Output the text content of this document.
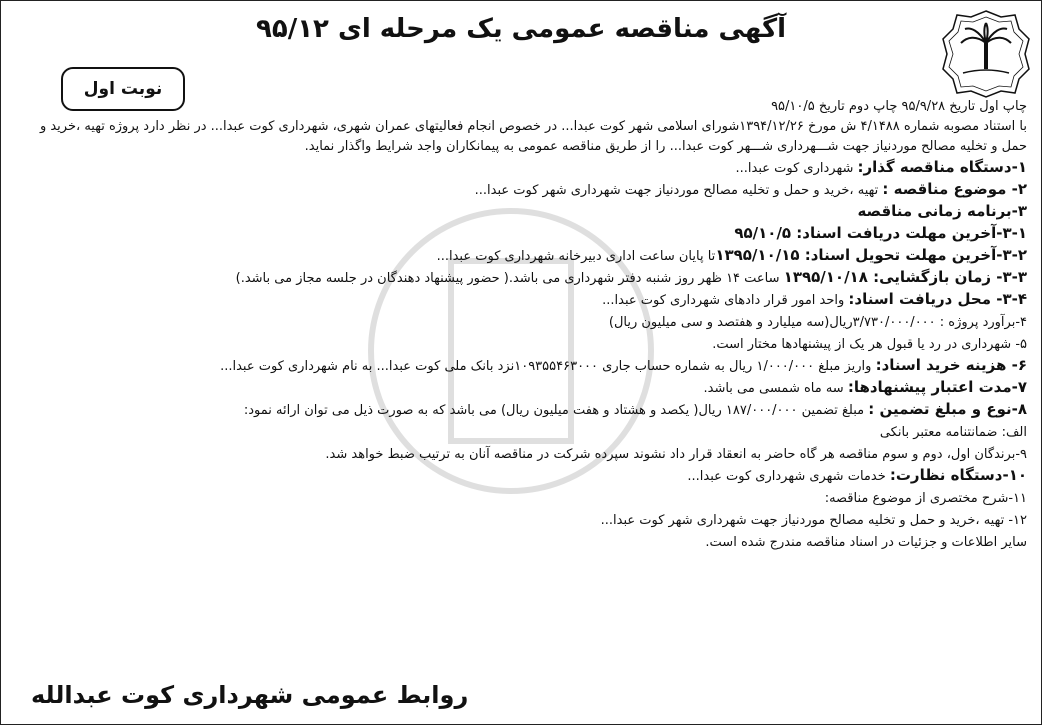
آگهی مناقصه عمومی یک مرحله ای ۹۵/۱۲
نوبت اول

چاپ اول تاریخ ۹۵/۹/۲۸ چاپ دوم تاریخ ۹۵/۱۰/۵

با استناد مصوبه شماره ۴/۱۴۸۸ ش مورخ ۱۳۹۴/۱۲/۲۶شورای اسلامی شهر کوت عبدا... در خصوص انجام فعالیتهای عمران شهری، شهرداری کوت عبدا... در نظر دارد پروژه تهیه ،خرید و حمل و تخلیه مصالح موردنیاز جهت شـــهرداری شـــهر کوت عبدا... را از طریق مناقصه عمومی به پیمانکاران واجد شرایط واگذار نماید.

۱-دستگاه مناقصه گذار: شهرداری کوت عبدا...

۲- موضوع مناقصه : تهیه ،خرید و حمل و تخلیه مصالح موردنیاز جهت شهرداری شهر کوت عبدا...

۳-برنامه زمانی مناقصه

۳-۱-آخرین مهلت دریافت اسناد: ۹۵/۱۰/۵

۳-۲-آخرین مهلت تحویل اسناد: ۱۳۹۵/۱۰/۱۵تا پایان ساعت اداری دبیرخانه شهرداری کوت عبدا...

۳-۳- زمان بازگشایی: ۱۳۹۵/۱۰/۱۸ ساعت ۱۴ ظهر روز شنبه دفتر شهرداری می باشد.( حضور پیشنهاد دهندگان در جلسه مجاز می باشد.)

۳-۴- محل دریافت اسناد: واحد امور قرار دادهای شهرداری کوت عبدا...

۴-برآورد پروژه : ۳/۷۳۰/۰۰۰/۰۰۰ریال(سه میلیارد و هفتصد و سی میلیون ریال)

۵- شهرداری در رد یا قبول هر یک از پیشنهادها مختار است.

۶- هزینه خرید اسناد: واریز مبلغ ۱/۰۰۰/۰۰۰ ریال به شماره حساب جاری ۱۰۹۳۵۵۴۶۳۰۰۰نزد بانک ملی کوت عبدا... به نام شهرداری کوت عبدا...

۷-مدت اعتبار پیشنهادها: سه ماه شمسی می باشد.

۸-نوع و مبلغ تضمین : مبلغ تضمین ۱۸۷/۰۰۰/۰۰۰ ریال( یکصد و هشتاد و هفت میلیون ریال) می باشد که به صورت ذیل می توان ارائه نمود:

الف: ضمانتنامه معتبر بانکی

۹-برندگان اول، دوم و سوم مناقصه هر گاه حاضر به انعقاد قرار داد نشوند سپرده شرکت در مناقصه آنان به ترتیب ضبط خواهد شد.

۱۰-دستگاه نظارت: خدمات شهری شهرداری کوت عبدا...

۱۱-شرح مختصری از موضوع مناقصه:

۱۲- تهیه ،خرید و حمل و تخلیه مصالح موردنیاز جهت شهرداری شهر کوت عبدا...

سایر اطلاعات و جزئیات در اسناد مناقصه مندرج شده است.

روابط عمومی شهرداری کوت عبدالله
